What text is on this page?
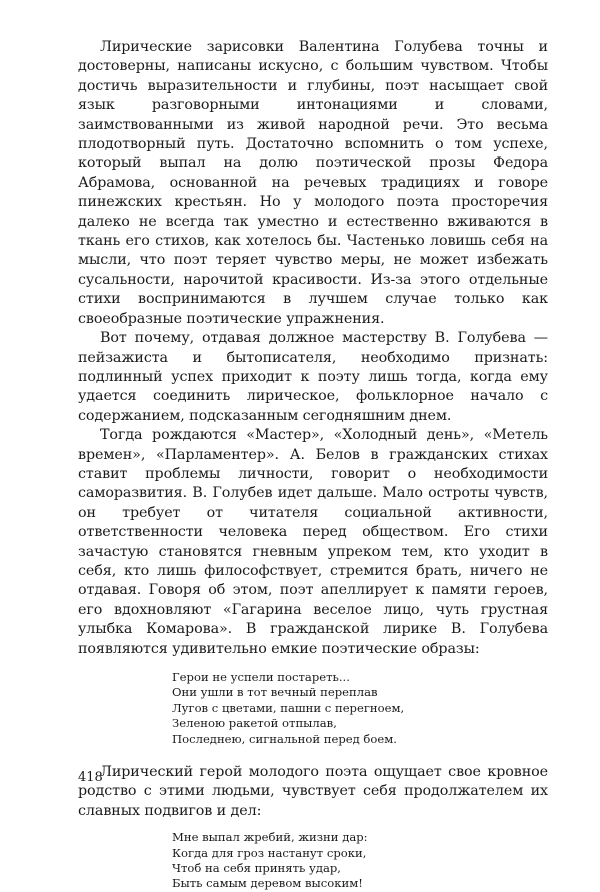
Лирические зарисовки Валентина Голубева точны и достоверны, написаны искусно, с большим чувством. Чтобы достичь выразительности и глубины, поэт насыщает свой язык разговорными интонациями и словами, заимствованными из живой народной речи. Это весьма плодотворный путь. Достаточно вспомнить о том успехе, который выпал на долю поэтической прозы Федора Абрамова, основанной на речевых традициях и говоре пинежских крестьян. Но у молодого поэта просторечия далеко не всегда так уместно и естественно вживаются в ткань его стихов, как хотелось бы. Частенько ловишь себя на мысли, что поэт теряет чувство меры, не может избежать сусальности, нарочитой красивости. Из-за этого отдельные стихи воспринимаются в лучшем случае только как своеобразные поэтические упражнения.

Вот почему, отдавая должное мастерству В. Голубева — пейзажиста и бытописателя, необходимо признать: подлинный успех приходит к поэту лишь тогда, когда ему удается соединить лирическое, фольклорное начало с содержанием, подсказанным сегодняшним днем.

Тогда рождаются «Мастер», «Холодный день», «Метель времен», «Парламентер». А. Белов в гражданских стихах ставит проблемы личности, говорит о необходимости саморазвития. В. Голубев идет дальше. Мало остроты чувств, он требует от читателя социальной активности, ответственности человека перед обществом. Его стихи зачастую становятся гневным упреком тем, кто уходит в себя, кто лишь философствует, стремится брать, ничего не отдавая. Говоря об этом, поэт апеллирует к памяти героев, его вдохновляют «Гагарина веселое лицо, чуть грустная улыбка Комарова». В гражданской лирике В. Голубева появляются удивительно емкие поэтические образы:

Герои не успели постареть...
Они ушли в тот вечный переплав
Лугов с цветами, пашни с перегноем,
Зеленою ракетой отпылав,
Последнею, сигнальной перед боем.

Лирический герой молодого поэта ощущает свое кровное родство с этими людьми, чувствует себя продолжателем их славных подвигов и дел:

Мне выпал жребий, жизни дар:
Когда для гроз настанут сроки,
Чтоб на себя принять удар,
Быть самым деревом высоким!

418
